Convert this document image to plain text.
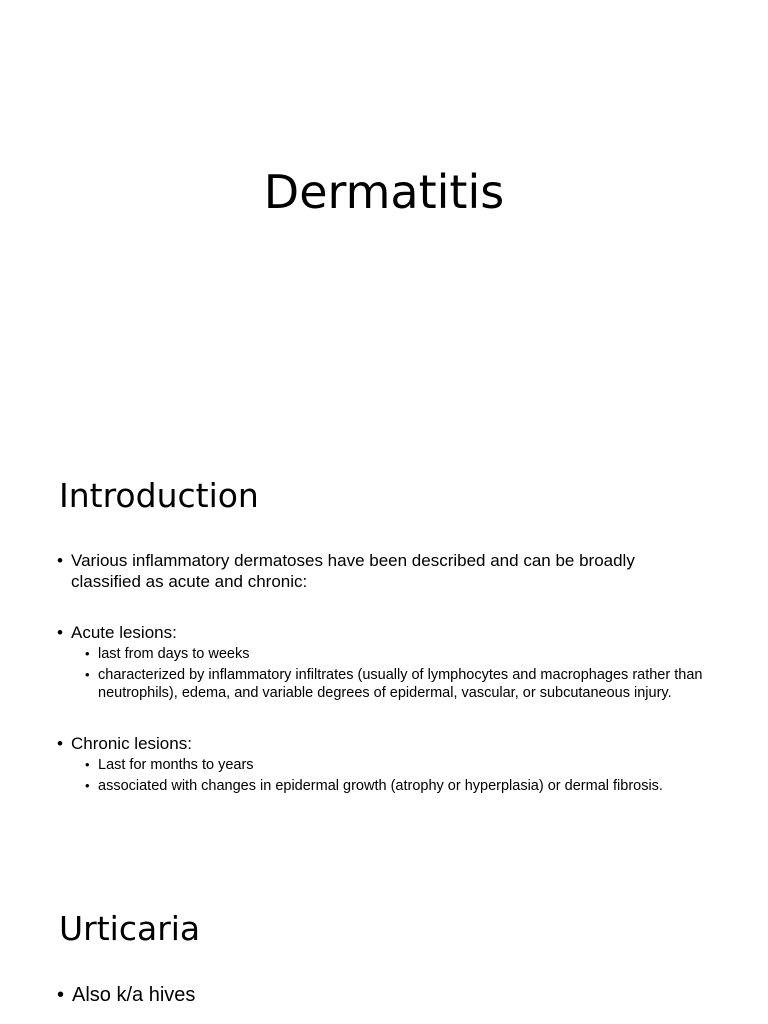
Dermatitis
Introduction
• Various inflammatory dermatoses have been described and can be broadly classified as acute and chronic:
• Acute lesions:
• last from days to weeks
• characterized by inflammatory infiltrates (usually of lymphocytes and macrophages rather than neutrophils), edema, and variable degrees of epidermal, vascular, or subcutaneous injury.
• Chronic lesions:
• Last for months to years
• associated with changes in epidermal growth (atrophy or hyperplasia) or dermal fibrosis.
Urticaria
• Also k/a hives
